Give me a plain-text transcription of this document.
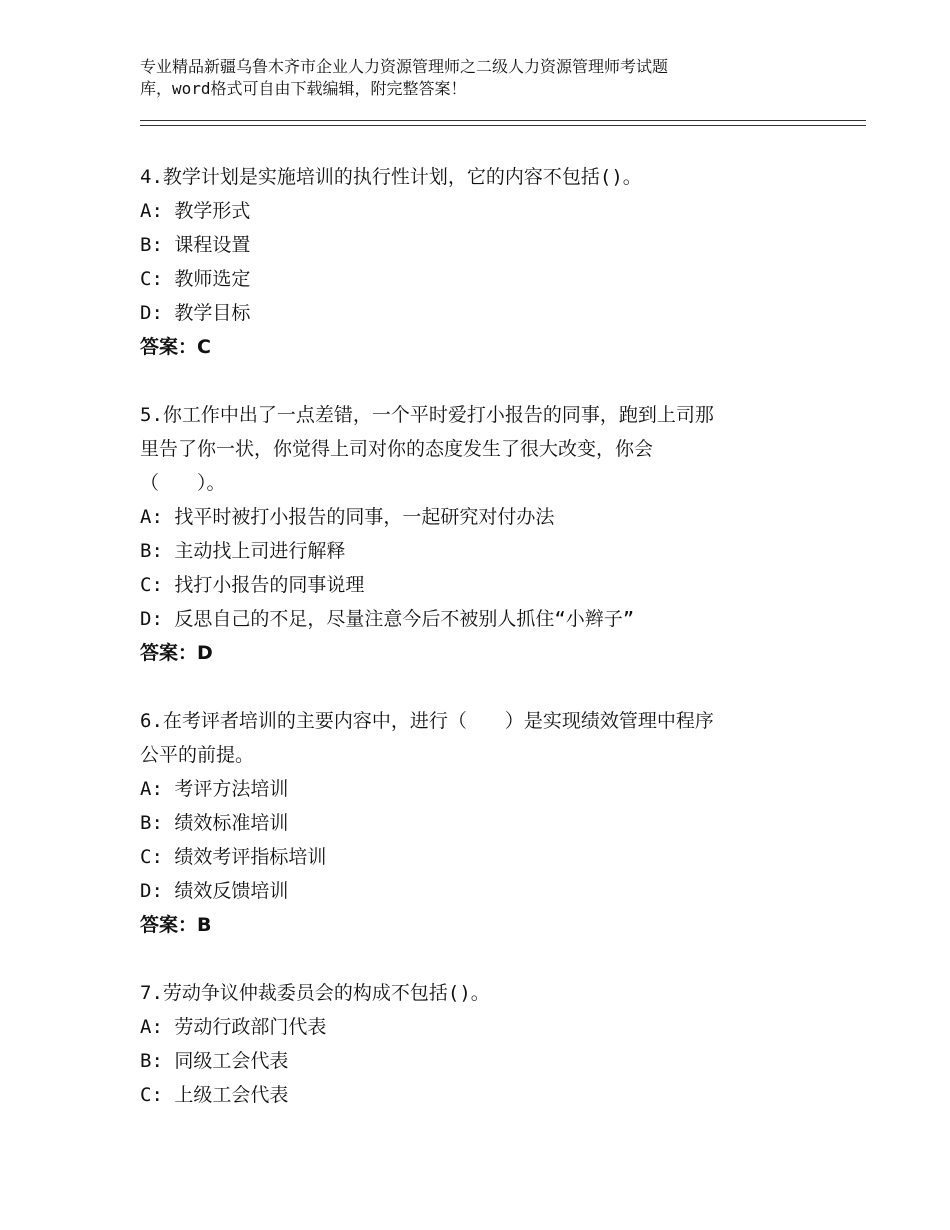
专业精品新疆乌鲁木齐市企业人力资源管理师之二级人力资源管理师考试题
库，word格式可自由下载编辑，附完整答案！
4.教学计划是实施培训的执行性计划，它的内容不包括()。
A: 教学形式
B: 课程设置
C: 教师选定
D: 教学目标
答案：C
5.你工作中出了一点差错，一个平时爱打小报告的同事，跑到上司那
里告了你一状，你觉得上司对你的态度发生了很大改变，你会
（　　）。
A: 找平时被打小报告的同事，一起研究对付办法
B: 主动找上司进行解释
C: 找打小报告的同事说理
D: 反思自己的不足，尽量注意今后不被别人抓住“小辫子”
答案：D
6.在考评者培训的主要内容中，进行（　　）是实现绩效管理中程序
公平的前提。
A: 考评方法培训
B: 绩效标准培训
C: 绩效考评指标培训
D: 绩效反馈培训
答案：B
7.劳动争议仲裁委员会的构成不包括()。
A: 劳动行政部门代表
B: 同级工会代表
C: 上级工会代表
